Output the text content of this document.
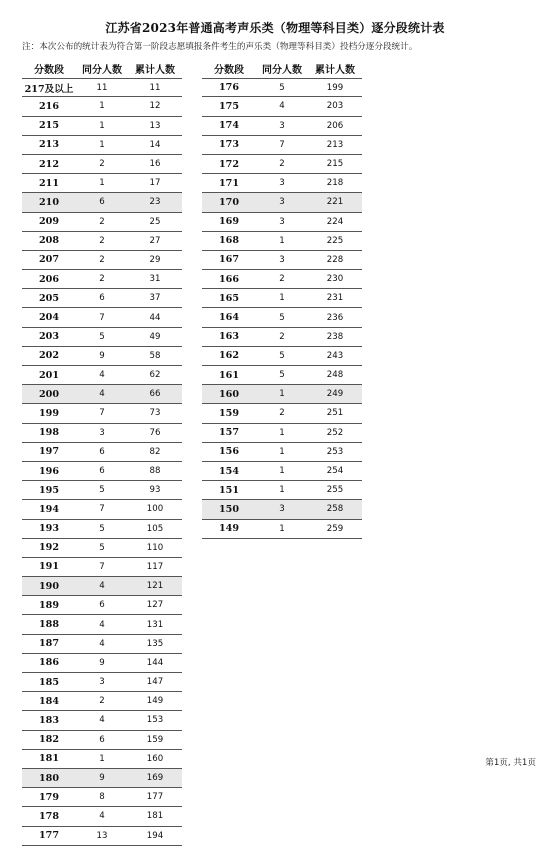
江苏省2023年普通高考声乐类（物理等科目类）逐分段统计表
注：本次公布的统计表为符合第一阶段志愿填报条件考生的声乐类（物理等科目类）投档分逐分段统计。
分数段	同分人数	累计人数
217及以上	11	11
216	1	12
215	1	13
213	1	14
212	2	16
211	1	17
210	6	23
209	2	25
208	2	27
207	2	29
206	2	31
205	6	37
204	7	44
203	5	49
202	9	58
201	4	62
200	4	66
199	7	73
198	3	76
197	6	82
196	6	88
195	5	93
194	7	100
193	5	105
192	5	110
191	7	117
190	4	121
189	6	127
188	4	131
187	4	135
186	9	144
185	3	147
184	2	149
183	4	153
182	6	159
181	1	160
180	9	169
179	8	177
178	4	181
177	13	194
分数段	同分人数	累计人数
176	5	199
175	4	203
174	3	206
173	7	213
172	2	215
171	3	218
170	3	221
169	3	224
168	1	225
167	3	228
166	2	230
165	1	231
164	5	236
163	2	238
162	5	243
161	5	248
160	1	249
159	2	251
157	1	252
156	1	253
154	1	254
151	1	255
150	3	258
149	1	259
第1页, 共1页
